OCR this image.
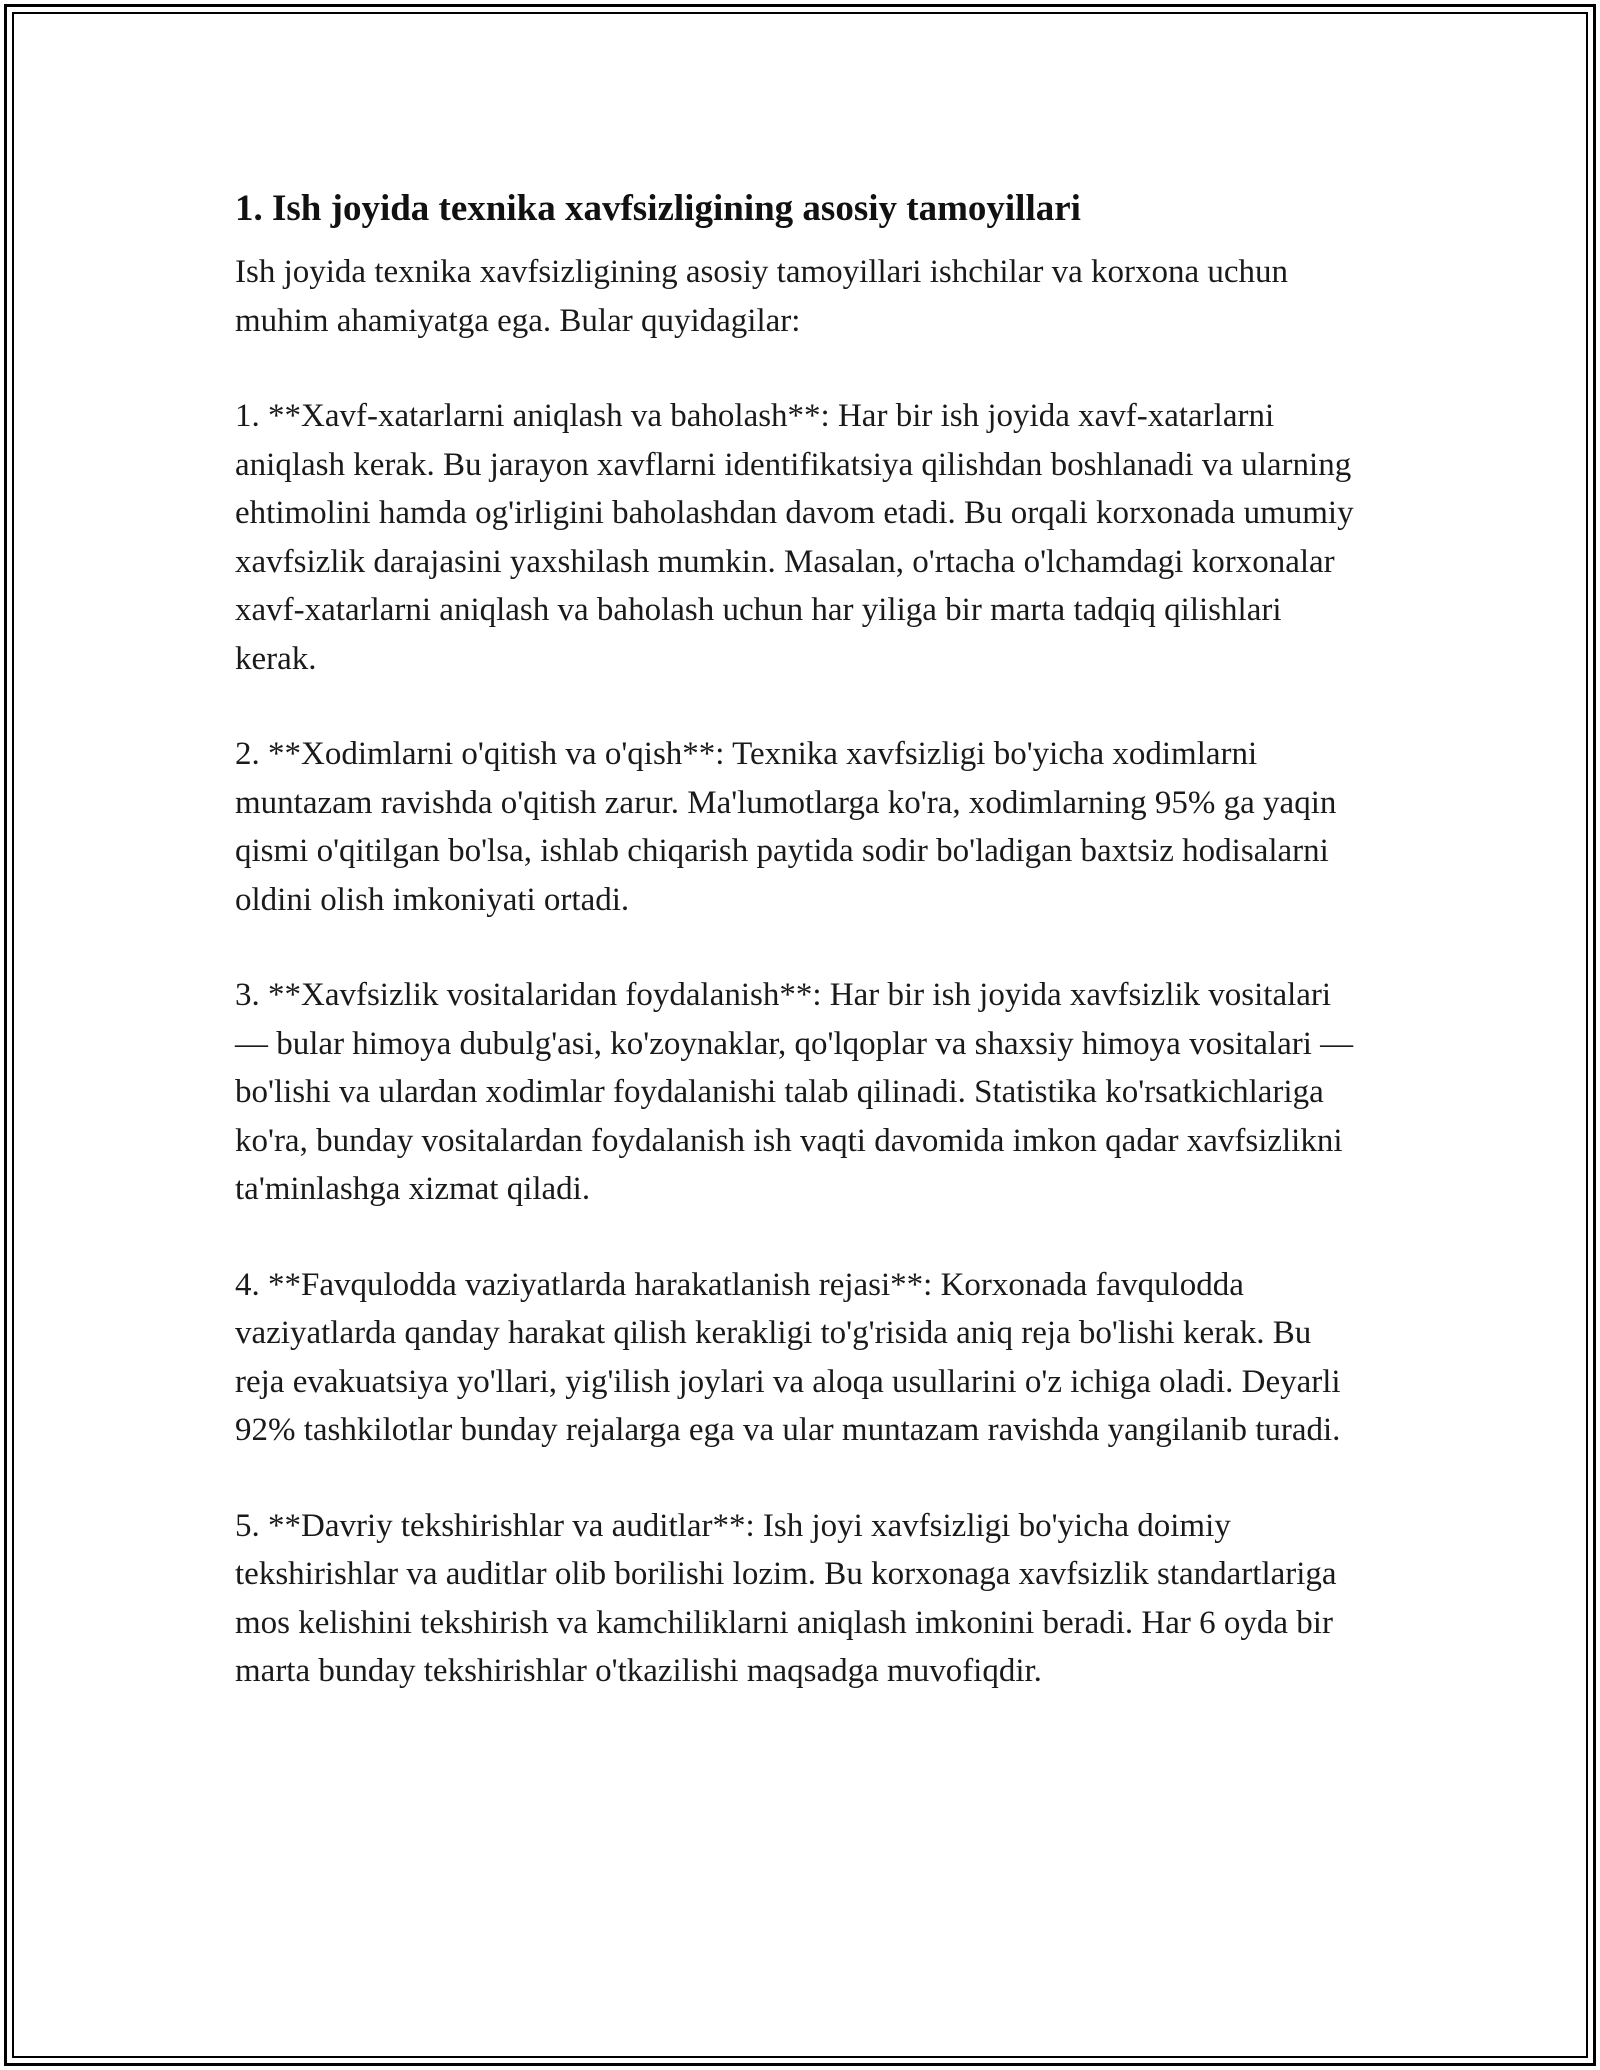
1. Ish joyida texnika xavfsizligining asosiy tamoyillari

Ish joyida texnika xavfsizligining asosiy tamoyillari ishchilar va korxona uchun muhim ahamiyatga ega. Bular quyidagilar:

1. **Xavf-xatarlarni aniqlash va baholash**: Har bir ish joyida xavf-xatarlarni aniqlash kerak. Bu jarayon xavflarni identifikatsiya qilishdan boshlanadi va ularning ehtimolini hamda og'irligini baholashdan davom etadi. Bu orqali korxonada umumiy xavfsizlik darajasini yaxshilash mumkin. Masalan, o'rtacha o'lchamdagi korxonalar xavf-xatarlarni aniqlash va baholash uchun har yiliga bir marta tadqiq qilishlari kerak.

2. **Xodimlarni o'qitish va o'qish**: Texnika xavfsizligi bo'yicha xodimlarni muntazam ravishda o'qitish zarur. Ma'lumotlarga ko'ra, xodimlarning 95% ga yaqin qismi o'qitilgan bo'lsa, ishlab chiqarish paytida sodir bo'ladigan baxtsiz hodisalarni oldini olish imkoniyati ortadi.

3. **Xavfsizlik vositalaridan foydalanish**: Har bir ish joyida xavfsizlik vositalari — bular himoya dubulg'asi, ko'zoynaklar, qo'lqoplar va shaxsiy himoya vositalari — bo'lishi va ulardan xodimlar foydalanishi talab qilinadi. Statistika ko'rsatkichlariga ko'ra, bunday vositalardan foydalanish ish vaqti davomida imkon qadar xavfsizlikni ta'minlashga xizmat qiladi.

4. **Favqulodda vaziyatlarda harakatlanish rejasi**: Korxonada favqulodda vaziyatlarda qanday harakat qilish kerakligi to'g'risida aniq reja bo'lishi kerak. Bu reja evakuatsiya yo'llari, yig'ilish joylari va aloqa usullarini o'z ichiga oladi. Deyarli 92% tashkilotlar bunday rejalarga ega va ular muntazam ravishda yangilanib turadi.

5. **Davriy tekshirishlar va auditlar**: Ish joyi xavfsizligi bo'yicha doimiy tekshirishlar va auditlar olib borilishi lozim. Bu korxonaga xavfsizlik standartlariga mos kelishini tekshirish va kamchiliklarni aniqlash imkonini beradi. Har 6 oyda bir marta bunday tekshirishlar o'tkazilishi maqsadga muvofiqdir.
